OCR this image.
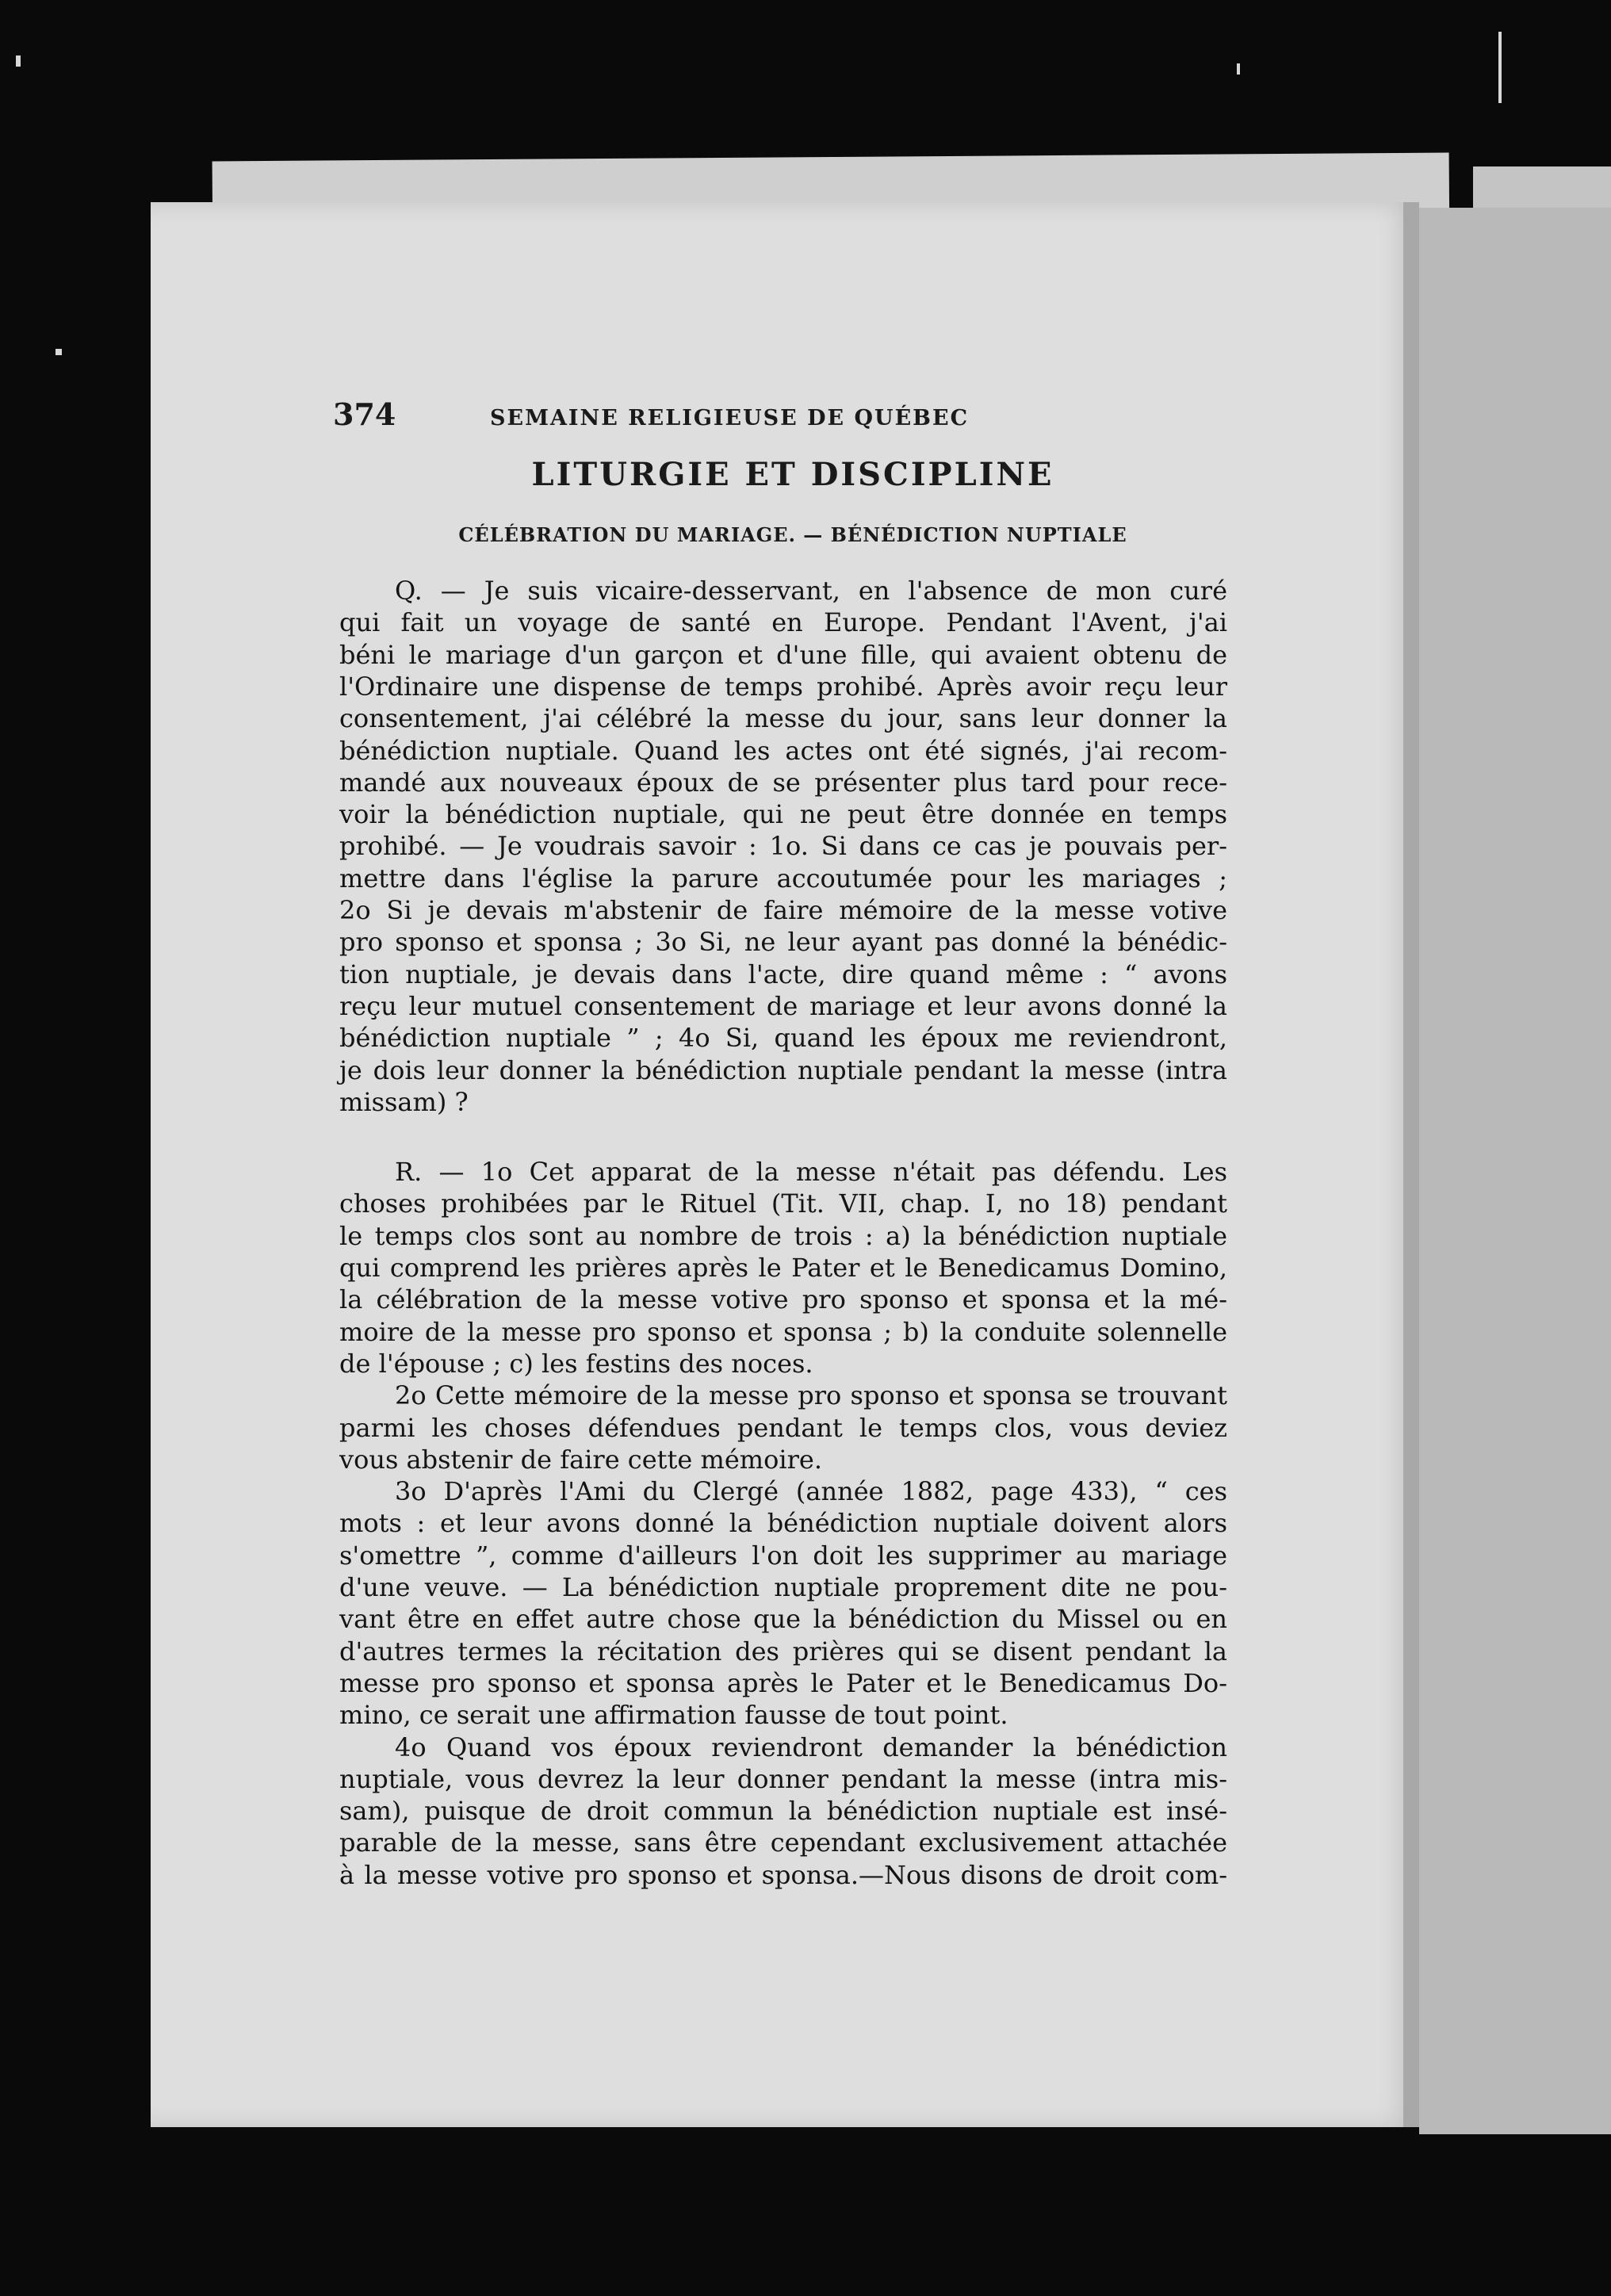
374	SEMAINE RELIGIEUSE DE QUÉBEC
LITURGIE ET DISCIPLINE
CÉLÉBRATION DU MARIAGE. — BÉNÉDICTION NUPTIALE
Q. — Je suis vicaire-desservant, en l'absence de mon curé
qui fait un voyage de santé en Europe. Pendant l'Avent, j'ai
béni le mariage d'un garçon et d'une fille, qui avaient obtenu de
l'Ordinaire une dispense de temps prohibé. Après avoir reçu leur
consentement, j'ai célébré la messe du jour, sans leur donner la
bénédiction nuptiale. Quand les actes ont été signés, j'ai recom-
mandé aux nouveaux époux de se présenter plus tard pour rece-
voir la bénédiction nuptiale, qui ne peut être donnée en temps
prohibé. — Je voudrais savoir : 1o. Si dans ce cas je pouvais per-
mettre dans l'église la parure accoutumée pour les mariages ;
2o Si je devais m'abstenir de faire mémoire de la messe votive
pro sponso et sponsa ; 3o Si, ne leur ayant pas donné la bénédic-
tion nuptiale, je devais dans l'acte, dire quand même : “ avons
reçu leur mutuel consentement de mariage et leur avons donné la
bénédiction nuptiale ” ; 4o Si, quand les époux me reviendront,
je dois leur donner la bénédiction nuptiale pendant la messe (intra
missam) ?
R. — 1o Cet apparat de la messe n'était pas défendu. Les
choses prohibées par le Rituel (Tit. VII, chap. I, no 18) pendant
le temps clos sont au nombre de trois : a) la bénédiction nuptiale
qui comprend les prières après le Pater et le Benedicamus Domino,
la célébration de la messe votive pro sponso et sponsa et la mé-
moire de la messe pro sponso et sponsa ; b) la conduite solennelle
de l'épouse ; c) les festins des noces.
2o Cette mémoire de la messe pro sponso et sponsa se trouvant
parmi les choses défendues pendant le temps clos, vous deviez
vous abstenir de faire cette mémoire.
3o D'après l'Ami du Clergé (année 1882, page 433), “ ces
mots : et leur avons donné la bénédiction nuptiale doivent alors
s'omettre ”, comme d'ailleurs l'on doit les supprimer au mariage
d'une veuve. — La bénédiction nuptiale proprement dite ne pou-
vant être en effet autre chose que la bénédiction du Missel ou en
d'autres termes la récitation des prières qui se disent pendant la
messe pro sponso et sponsa après le Pater et le Benedicamus Do-
mino, ce serait une affirmation fausse de tout point.
4o Quand vos époux reviendront demander la bénédiction
nuptiale, vous devrez la leur donner pendant la messe (intra mis-
sam), puisque de droit commun la bénédiction nuptiale est insé-
parable de la messe, sans être cependant exclusivement attachée
à la messe votive pro sponso et sponsa.—Nous disons de droit com-
